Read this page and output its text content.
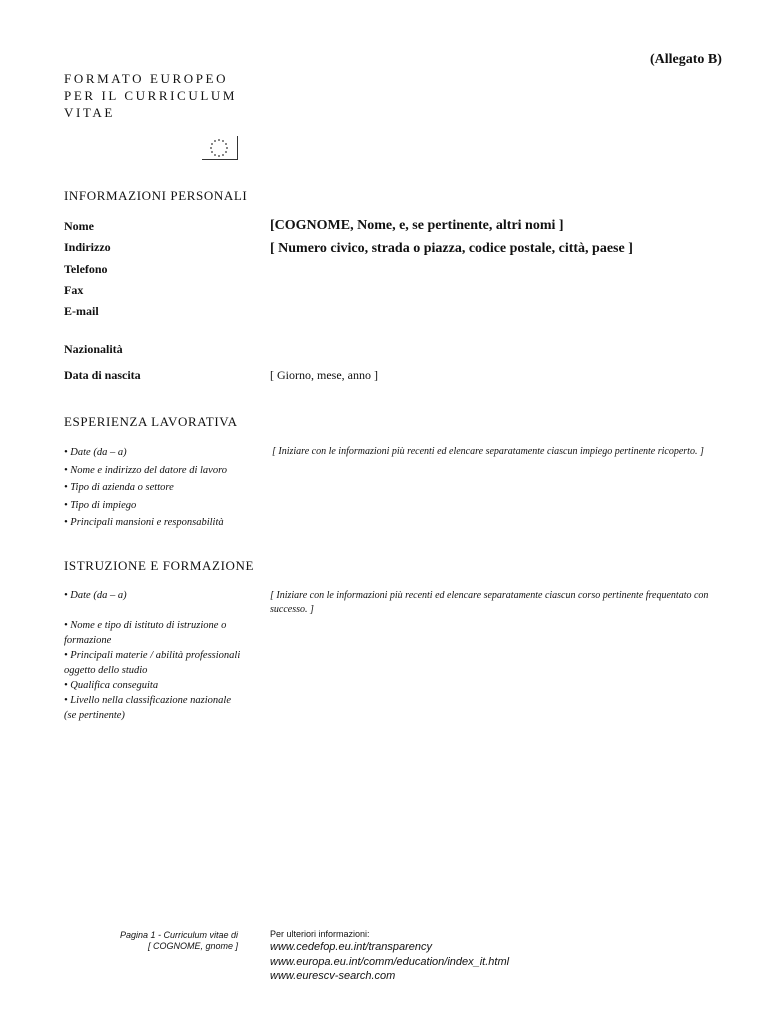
(Allegato B)
FORMATO EUROPEO
PER IL CURRICULUM
VITAE
INFORMAZIONI PERSONALI
Nome	[COGNOME, Nome, e, se pertinente, altri nomi ]
Indirizzo	[ Numero civico, strada o piazza, codice postale, città, paese ]
Telefono
Fax
E-mail
Nazionalità
Data di nascita	[ Giorno, mese, anno ]
ESPERIENZA LAVORATIVA
• Date (da – a)
• Nome e indirizzo del datore di lavoro
• Tipo di azienda o settore
• Tipo di impiego
• Principali mansioni e responsabilità
[ Iniziare con le informazioni più recenti ed elencare separatamente ciascun impiego pertinente ricoperto. ]
ISTRUZIONE E FORMAZIONE
• Date (da – a)
• Nome e tipo di istituto di istruzione o formazione
• Principali materie / abilità professionali oggetto dello studio
• Qualifica conseguita
• Livello nella classificazione nazionale (se pertinente)
[ Iniziare con le informazioni più recenti ed elencare separatamente ciascun corso pertinente frequentato con successo. ]
Pagina 1 - Curriculum vitae di
[ COGNOME, gnome ]
Per ulteriori informazioni:
www.cedefop.eu.int/transparency
www.europa.eu.int/comm/education/index_it.html
www.eurescv-search.com
